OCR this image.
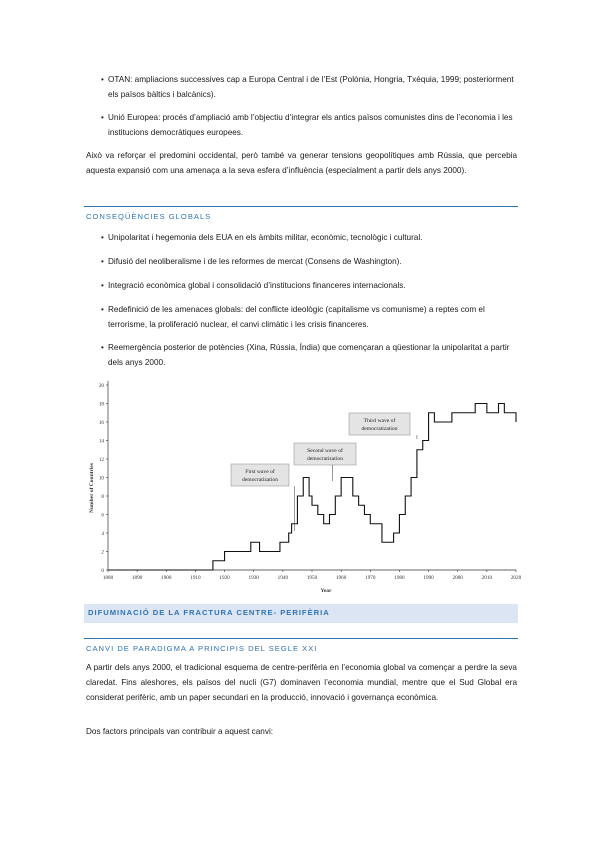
• OTAN: ampliacions successives cap a Europa Central i de l’Est (Polònia, Hongria, Txèquia, 1999; posteriorment els països bàltics i balcànics).
• Unió Europea: procés d’ampliació amb l’objectiu d’integrar els antics països comunistes dins de l’economia i les institucions democràtiques europees.
Això va reforçar el predomini occidental, però també va generar tensions geopolítiques amb Rússia, que percebia aquesta expansió com una amenaça a la seva esfera d’influència (especialment a partir dels anys 2000).
CONSEQÜÈNCIES GLOBALS
• Unipolaritat i hegemonia dels EUA en els àmbits militar, econòmic, tecnològic i cultural.
• Difusió del neoliberalisme i de les reformes de mercat (Consens de Washington).
• Integració econòmica global i consolidació d’institucions financeres internacionals.
• Redefinició de les amenaces globals: del conflicte ideològic (capitalisme vs comunisme) a reptes com el terrorisme, la proliferació nuclear, el canvi climàtic i les crisis financeres.
• Reemergència posterior de potències (Xina, Rússia, Índia) que començaran a qüestionar la unipolaritat a partir dels anys 2000.
1880	1890	1900	1910	1920	1930	1940	1950	1960	1970	1980	1990	2000	2010	2020
0
2
4
6
8
10
12
14
16
18
20
First wave of
democratization
Second wave of
democratization
Third wave of
democratization
Number of Countries
Year
DIFUMINACIÓ DE LA FRACTURA CENTRE- PERIFÈRIA
CANVI DE PARADIGMA A PRINCIPIS DEL SEGLE XXI
A partir dels anys 2000, el tradicional esquema de centre-perifèria en l’economia global va començar a perdre la seva claredat. Fins aleshores, els països del nucli (G7) dominaven l’economia mundial, mentre que el Sud Global era considerat perifèric, amb un paper secundari en la producció, innovació i governança econòmica.
Dos factors principals van contribuir a aquest canvi:
